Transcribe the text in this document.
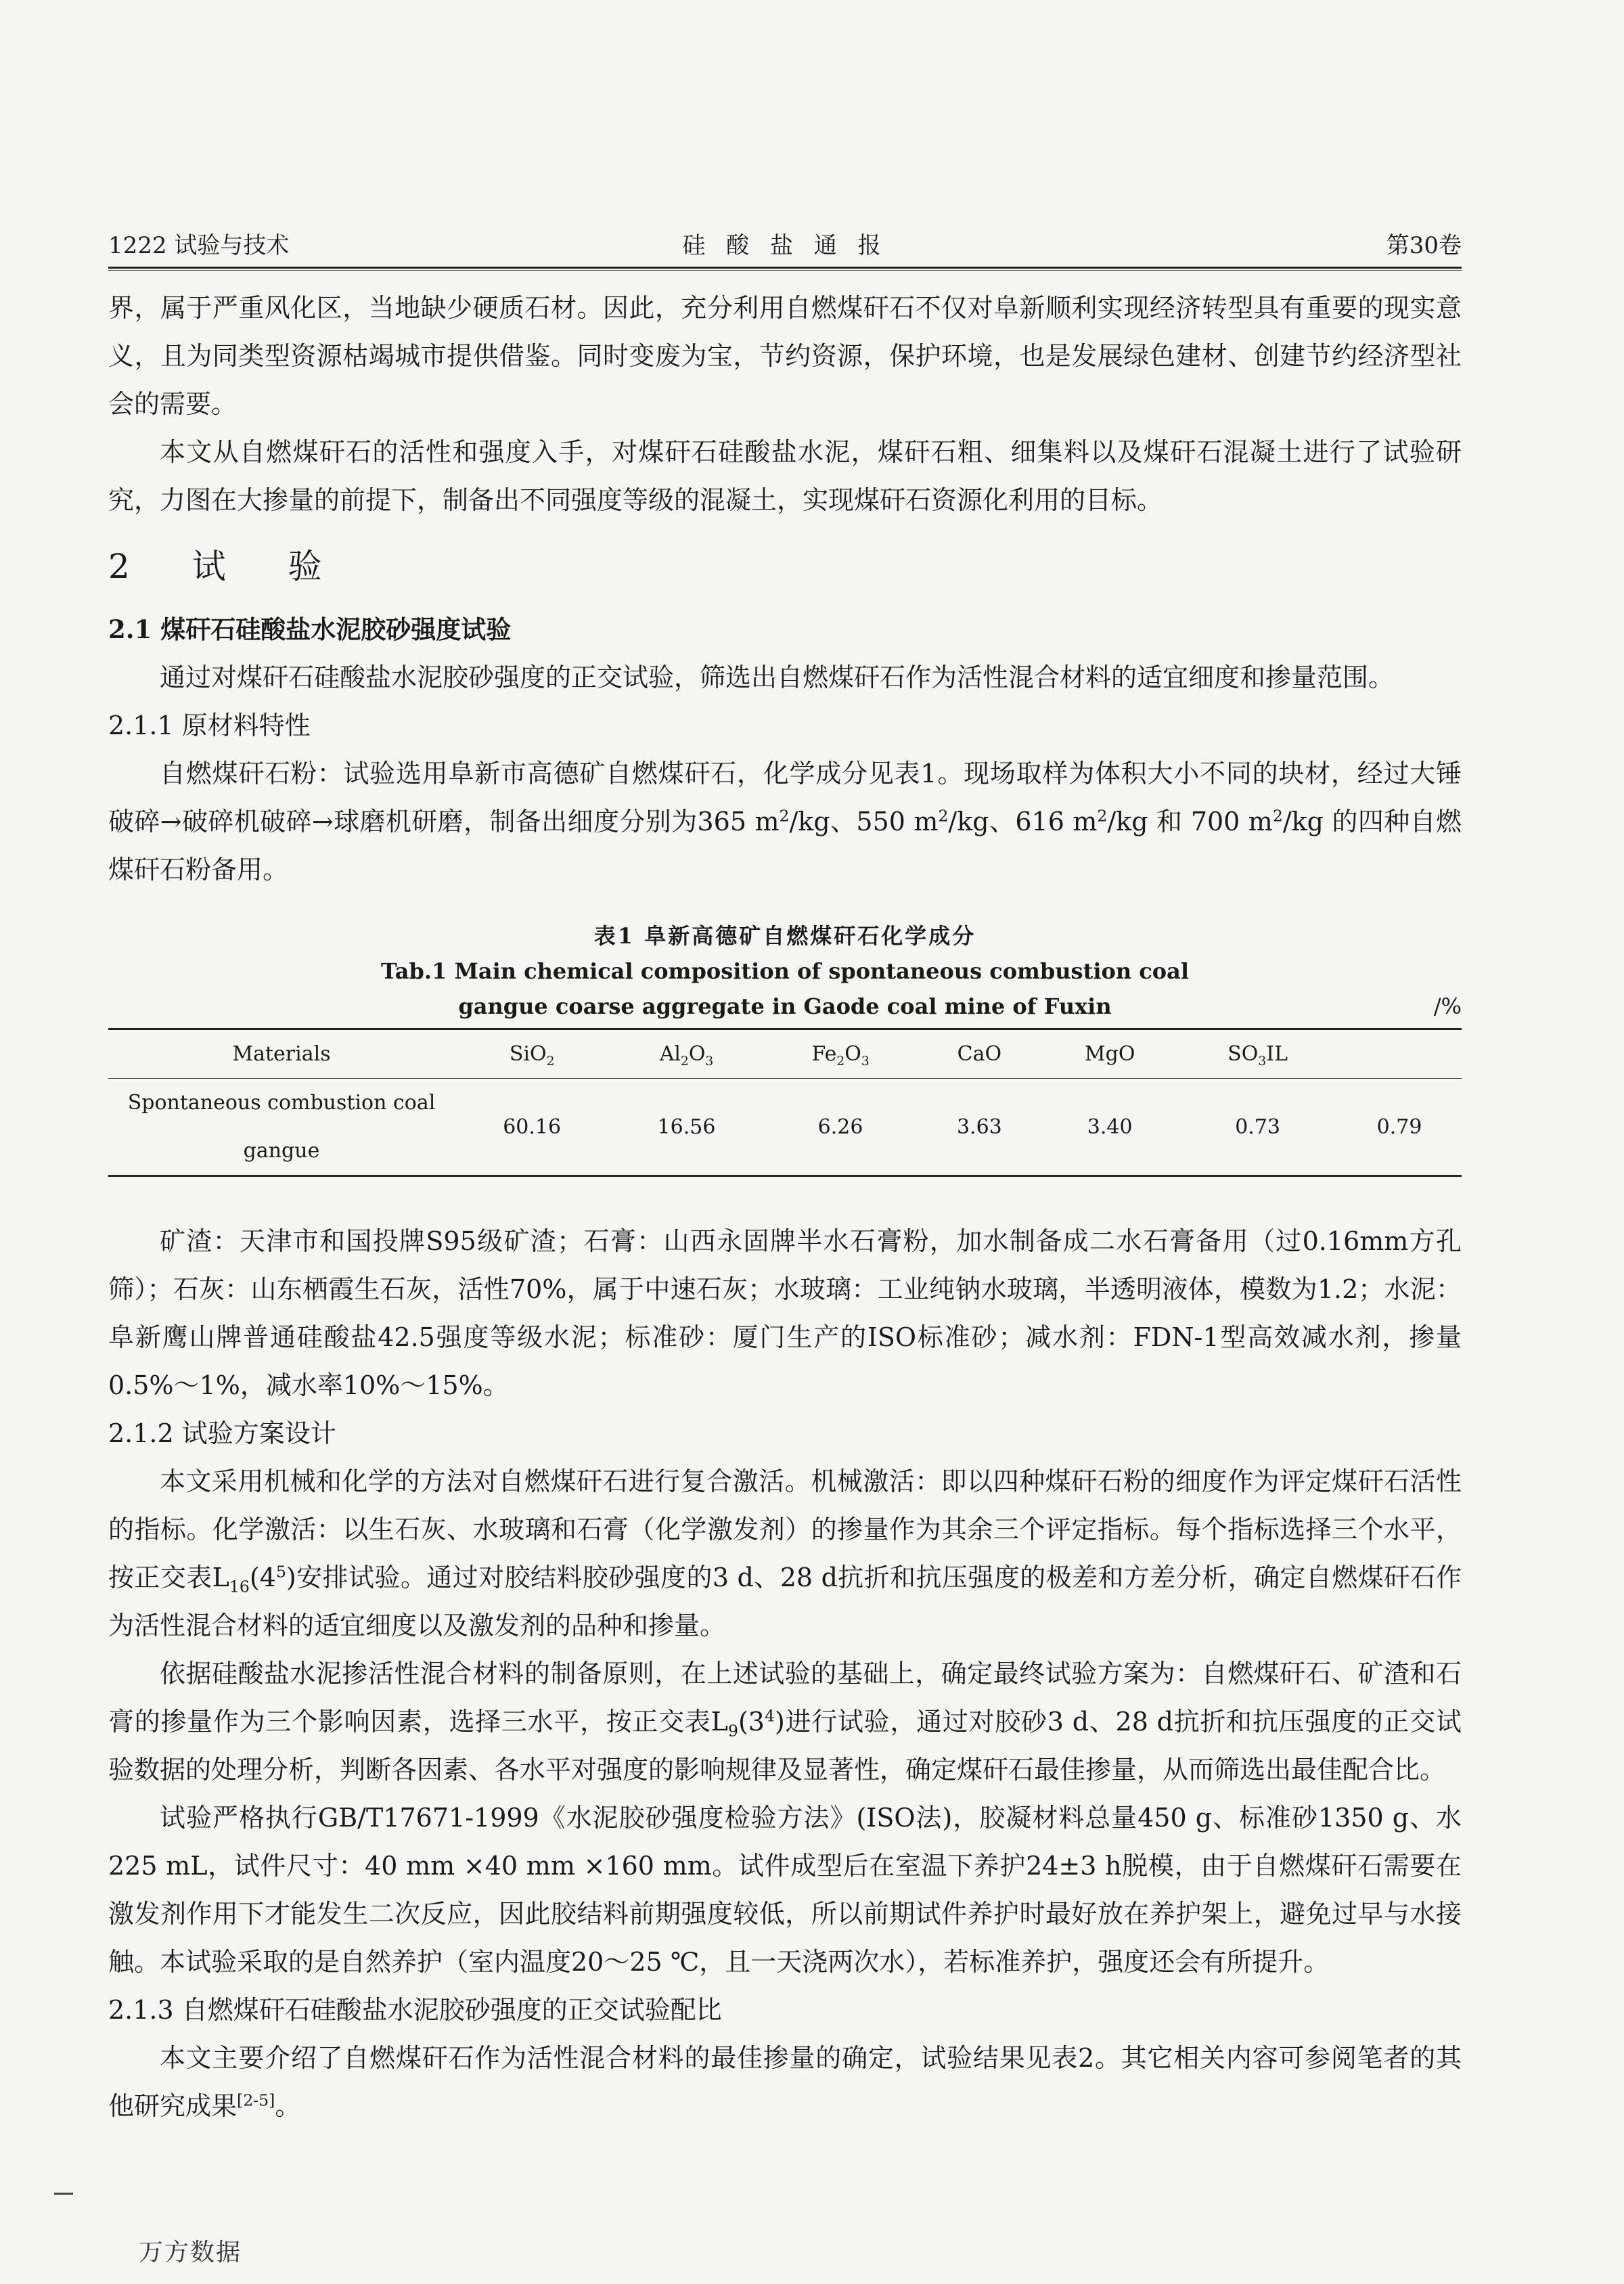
1222 试验与技术	硅 酸 盐 通 报	第30卷

界，属于严重风化区，当地缺少硬质石材。因此，充分利用自燃煤矸石不仅对阜新顺利实现经济转型具有重要的现实意义，且为同类型资源枯竭城市提供借鉴。同时变废为宝，节约资源，保护环境，也是发展绿色建材、创建节约经济型社会的需要。

本文从自燃煤矸石的活性和强度入手，对煤矸石硅酸盐水泥，煤矸石粗、细集料以及煤矸石混凝土进行了试验研究，力图在大掺量的前提下，制备出不同强度等级的混凝土，实现煤矸石资源化利用的目标。

2 试 验
2.1 煤矸石硅酸盐水泥胶砂强度试验

通过对煤矸石硅酸盐水泥胶砂强度的正交试验，筛选出自燃煤矸石作为活性混合材料的适宜细度和掺量范围。

2.1.1 原材料特性

自燃煤矸石粉：试验选用阜新市高德矿自燃煤矸石，化学成分见表1。现场取样为体积大小不同的块材，经过大锤破碎→破碎机破碎→球磨机研磨，制备出细度分别为365 $m^2/kg$、550 $m^2/kg$、616 $m^2/kg$ 和 700 $m^2/kg$ 的四种自燃煤矸石粉备用。

表1 阜新高德矿自燃煤矸石化学成分
Tab.1 Main chemical composition of spontaneous combustion coal
gangue coarse aggregate in Gaode coal mine of Fuxin	/%
Materials	SiO$_2$	$Al_2O_3$	$Fe_2O_3$	CaO	MgO	$SO_3IL$	
Spontaneous combustion coal gangue	60.16	16.56	6.26	3.63	3.40	0.73	0.79

矿渣：天津市和国投牌S95级矿渣；石膏：山西永固牌半水石膏粉，加水制备成二水石膏备用（过0.16mm方孔筛）；石灰：山东栖霞生石灰，活性70%，属于中速石灰；水玻璃：工业纯钠水玻璃，半透明液体，模数为1.2；水泥：阜新鹰山牌普通硅酸盐42.5强度等级水泥；标准砂：厦门生产的ISO标准砂；减水剂：FDN-1型高效减水剂，掺量0.5%～1%，减水率10%～15%。

2.1.2 试验方案设计

本文采用机械和化学的方法对自燃煤矸石进行复合激活。机械激活：即以四种煤矸石粉的细度作为评定煤矸石活性的指标。化学激活：以生石灰、水玻璃和石膏（化学激发剂）的掺量作为其余三个评定指标。每个指标选择三个水平，按正交表$L_{16}(4^5)$安排试验。通过对胶结料胶砂强度的3 d、28 d抗折和抗压强度的极差和方差分析，确定自燃煤矸石作为活性混合材料的适宜细度以及激发剂的品种和掺量。

依据硅酸盐水泥掺活性混合材料的制备原则，在上述试验的基础上，确定最终试验方案为：自燃煤矸石、矿渣和石膏的掺量作为三个影响因素，选择三水平，按正交表$L_9(3^4)$进行试验，通过对胶砂3 d、28 d抗折和抗压强度的正交试验数据的处理分析，判断各因素、各水平对强度的影响规律及显著性，确定煤矸石最佳掺量，从而筛选出最佳配合比。

试验严格执行GB/T17671-1999《水泥胶砂强度检验方法》(ISO法)，胶凝材料总量450 g、标准砂1350 g、水225 mL，试件尺寸：40 mm ×40 mm ×160 mm。试件成型后在室温下养护24±3 h脱模，由于自燃煤矸石需要在激发剂作用下才能发生二次反应，因此胶结料前期强度较低，所以前期试件养护时最好放在养护架上，避免过早与水接触。本试验采取的是自然养护（室内温度20～25 ℃，且一天浇两次水），若标准养护，强度还会有所提升。

2.1.3 自燃煤矸石硅酸盐水泥胶砂强度的正交试验配比

本文主要介绍了自燃煤矸石作为活性混合材料的最佳掺量的确定，试验结果见表2。其它相关内容可参阅笔者的其他研究成果[2-5]。

万方数据
